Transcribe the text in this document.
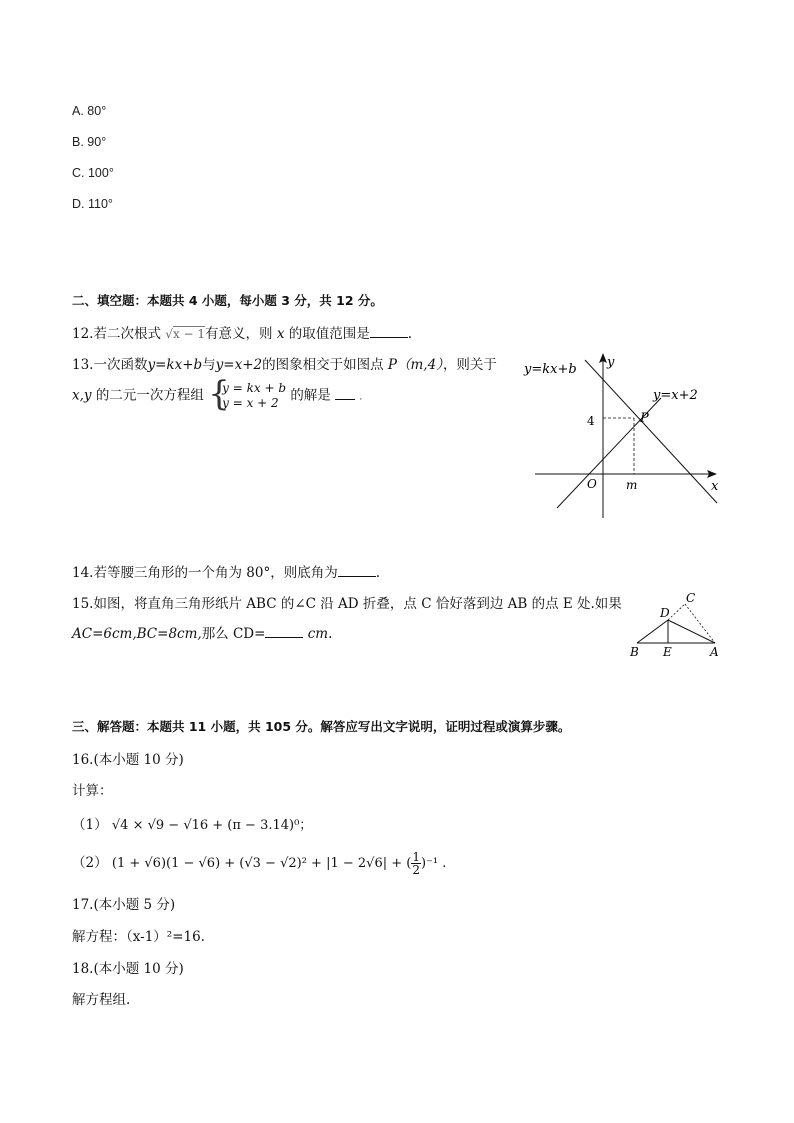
A. 80°
B. 90°
C. 100°
D. 110°
二、填空题：本题共 4 小题，每小题 3 分，共 12 分。
12.若二次根式 √x − 1有意义，则 x 的取值范围是	.
13.一次函数y=kx+b与y=x+2的图象相交于如图点 P（m,4），则关于
x,y 的二元一次方程组 {
y = kx + b
y = x + 2 的解是	.
y=kx+b
y=x+2
y
x
O
P
4
m
14.若等腰三角形的一个角为 80°，则底角为	.
15.如图，将直角三角形纸片 ABC 的∠C 沿 AD 折叠，点 C 恰好落到边 AB 的点 E 处.如果
AC=6cm,BC=8cm,那么 CD=	cm.
C
D
B E	A
三、解答题：本题共 11 小题，共 105 分。解答应写出文字说明，证明过程或演算步骤。
16.(本小题 10 分)
计算：
（1） √4 × √9 − √16 + (π − 3.14)⁰；
（2） (1 + √6)(1 − √6) + (√3 − √2)² + |1 − 2√6| + ( $\frac{1}{2} )^{-1}$ .
17.(本小题 5 分)
解方程：（x-1）²=16.
18.(本小题 10 分)
解方程组.
